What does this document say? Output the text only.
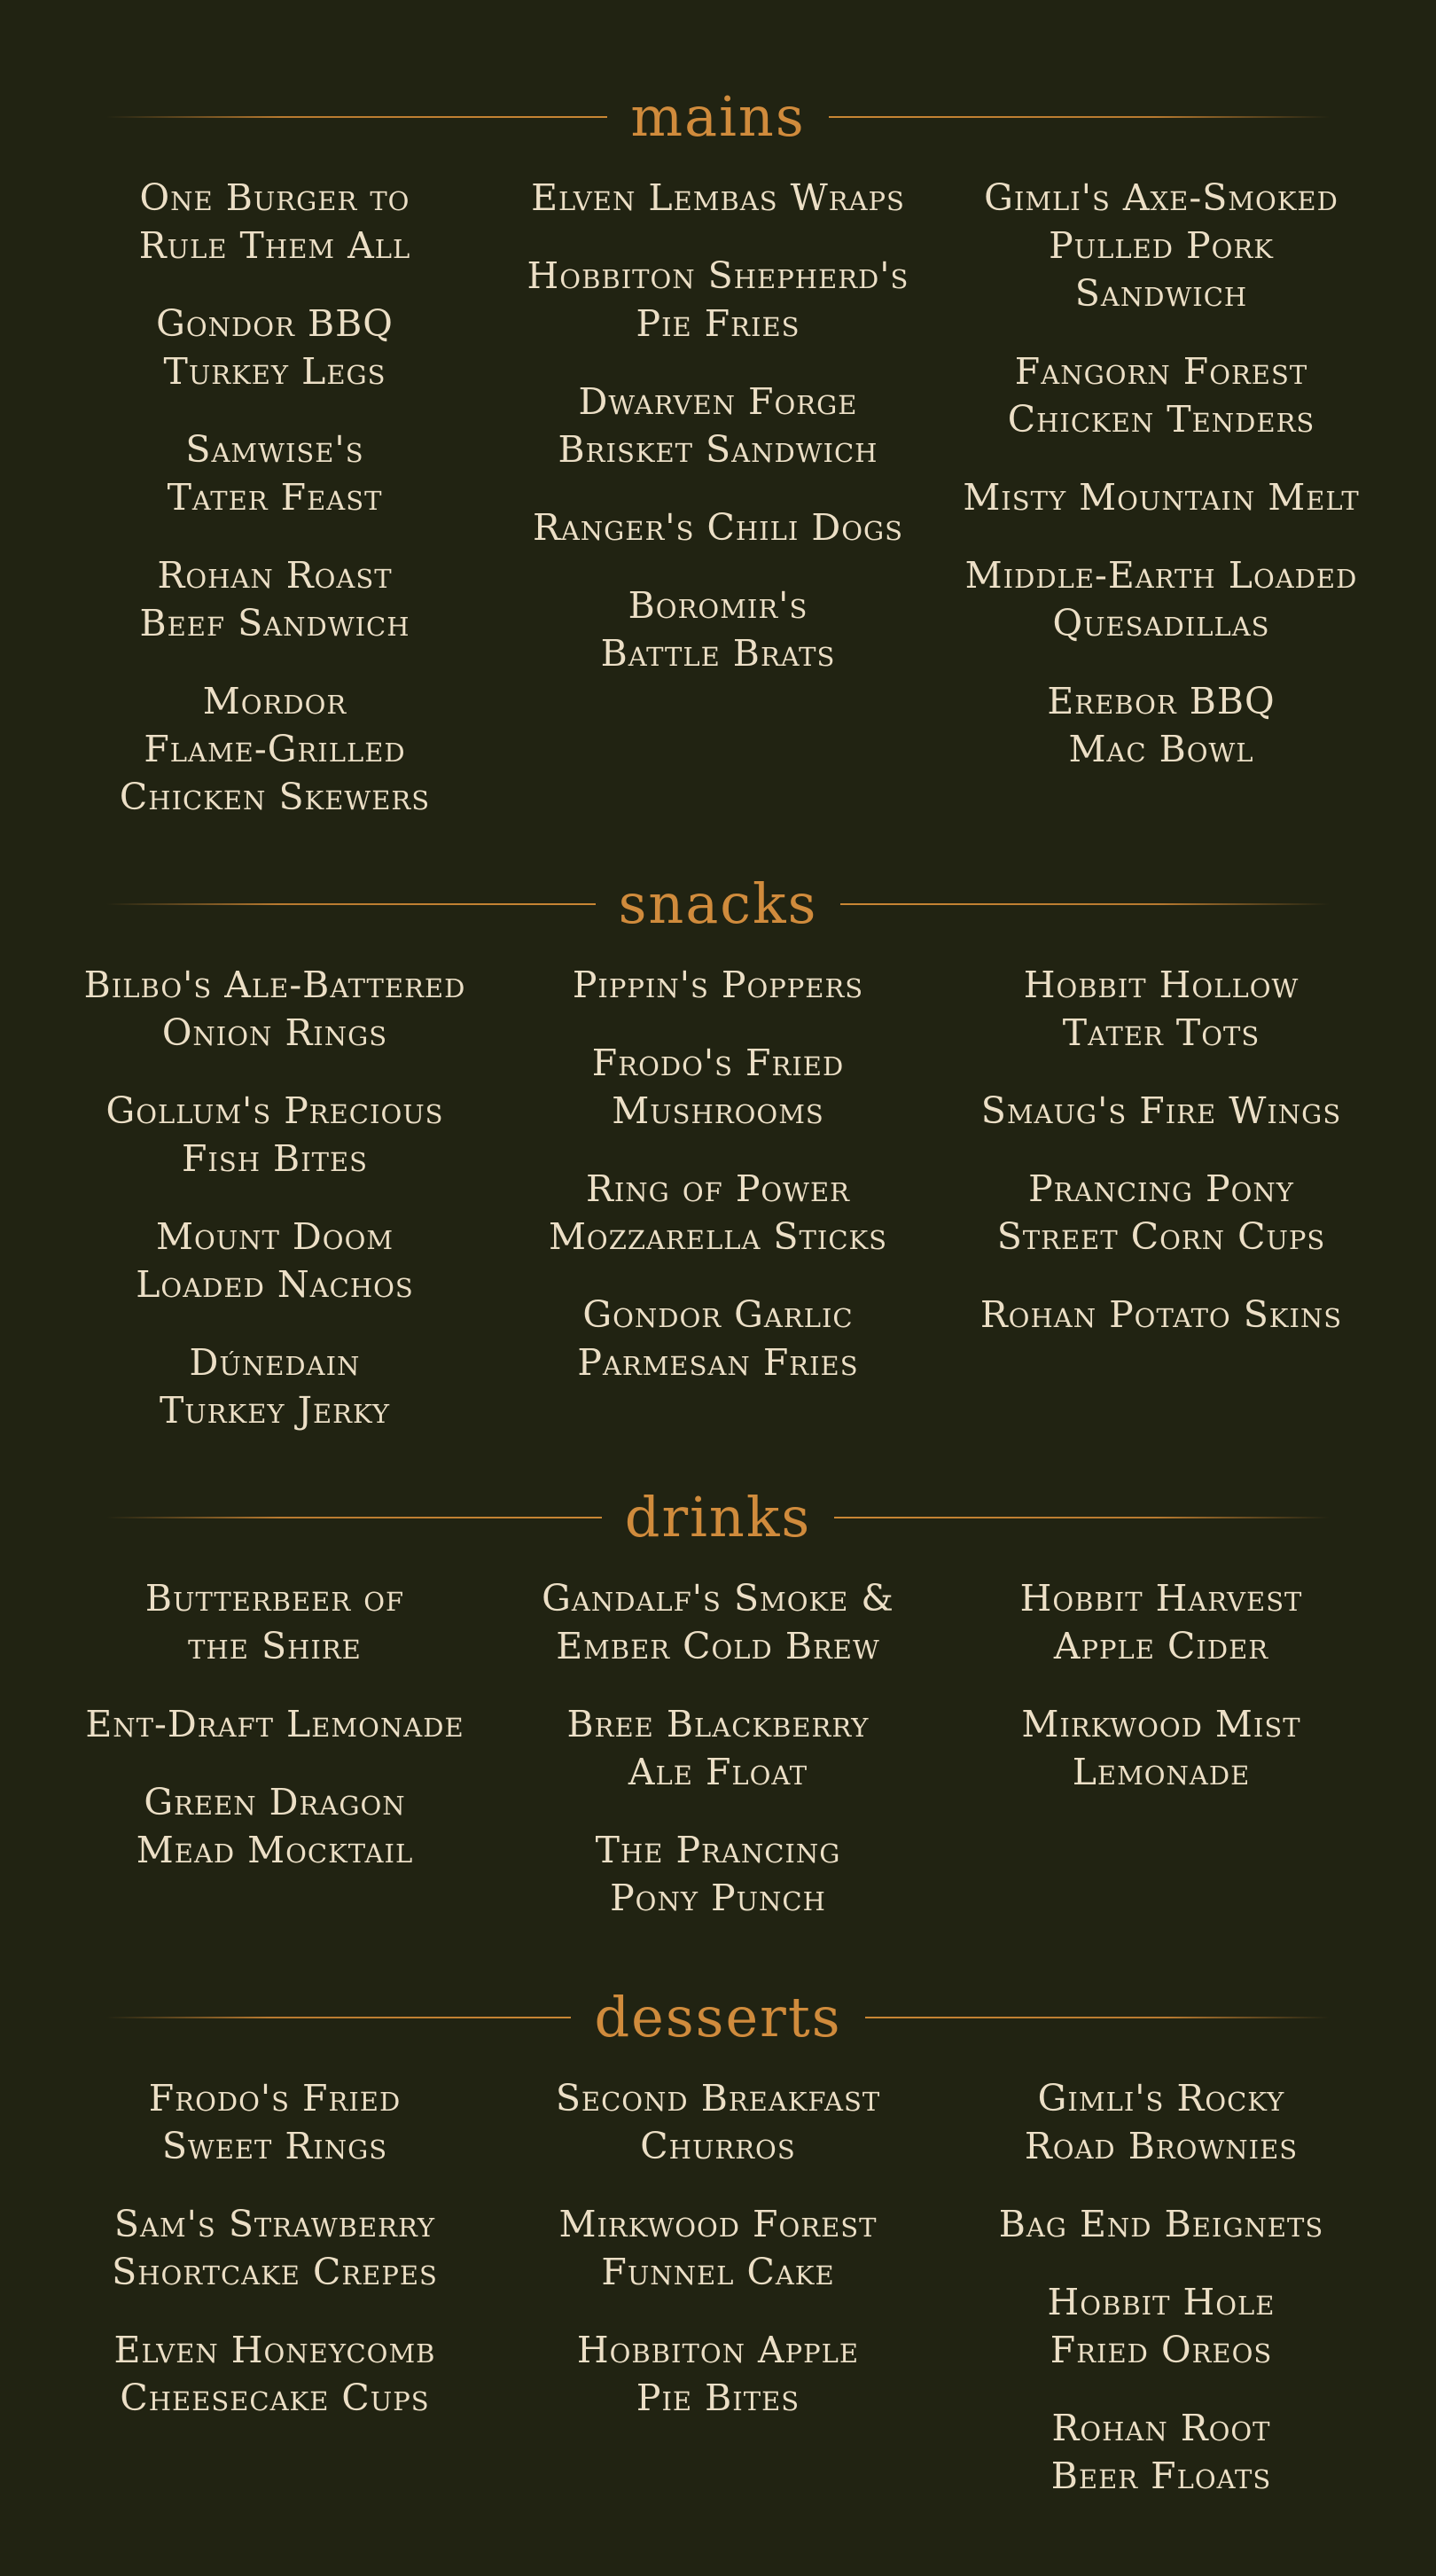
mains
One Burger to
Rule Them All
Gondor BBQ
Turkey Legs
Samwise's
Tater Feast
Rohan Roast
Beef Sandwich
Mordor
Flame-Grilled
Chicken Skewers
Elven Lembas Wraps
Hobbiton Shepherd's
Pie Fries
Dwarven Forge
Brisket Sandwich
Ranger's Chili Dogs
Boromir's
Battle Brats
Gimli's Axe-Smoked
Pulled Pork
Sandwich
Fangorn Forest
Chicken Tenders
Misty Mountain Melt
Middle-Earth Loaded
Quesadillas
Erebor BBQ
Mac Bowl
snacks
Bilbo's Ale-Battered
Onion Rings
Gollum's Precious
Fish Bites
Mount Doom
Loaded Nachos
Dúnedain
Turkey Jerky
Pippin's Poppers
Frodo's Fried
Mushrooms
Ring of Power
Mozzarella Sticks
Gondor Garlic
Parmesan Fries
Hobbit Hollow
Tater Tots
Smaug's Fire Wings
Prancing Pony
Street Corn Cups
Rohan Potato Skins
drinks
Butterbeer of
the Shire
Ent-Draft Lemonade
Green Dragon
Mead Mocktail
Gandalf's Smoke &
Ember Cold Brew
Bree Blackberry
Ale Float
The Prancing
Pony Punch
Hobbit Harvest
Apple Cider
Mirkwood Mist
Lemonade
desserts
Frodo's Fried
Sweet Rings
Sam's Strawberry
Shortcake Crepes
Elven Honeycomb
Cheesecake Cups
Second Breakfast
Churros
Mirkwood Forest
Funnel Cake
Hobbiton Apple
Pie Bites
Gimli's Rocky
Road Brownies
Bag End Beignets
Hobbit Hole
Fried Oreos
Rohan Root
Beer Floats
